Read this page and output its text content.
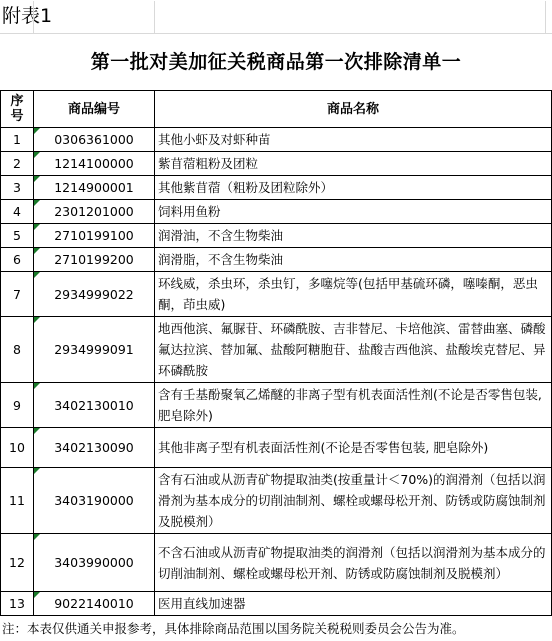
附表1
第一批对美加征关税商品第一次排除清单一
序号	商品编号	商品名称
1	0306361000	其他小虾及对虾种苗
2	1214100000	紫苜蓿粗粉及团粒
3	1214900001	其他紫苜蓿（粗粉及团粒除外）
4	2301201000	饲料用鱼粉
5	2710199100	润滑油，不含生物柴油
6	2710199200	润滑脂，不含生物柴油
7	2934999022	环线威，杀虫环，杀虫钉，多噻烷等(包括甲基硫环磷，噻嗪酮，恶虫酮，茚虫威)
8	2934999091	地西他滨、氟脲苷、环磷酰胺、吉非替尼、卡培他滨、雷替曲塞、磷酸氟达拉滨、替加氟、盐酸阿糖胞苷、盐酸吉西他滨、盐酸埃克替尼、异环磷酰胺
9	3402130010	含有壬基酚聚氧乙烯醚的非离子型有机表面活性剂(不论是否零售包装, 肥皂除外)
10	3402130090	其他非离子型有机表面活性剂(不论是否零售包装, 肥皂除外)
11	3403190000	含有石油或从沥青矿物提取油类(按重量计＜70%)的润滑剂（包括以润滑剂为基本成分的切削油制剂、螺栓或螺母松开剂、防锈或防腐蚀制剂及脱模剂）
12	3403990000	不含石油或从沥青矿物提取油类的润滑剂（包括以润滑剂为基本成分的切削油制剂、螺栓或螺母松开剂、防锈或防腐蚀制剂及脱模剂）
13	9022140010	医用直线加速器
注：本表仅供通关申报参考，具体排除商品范围以国务院关税税则委员会公告为准。
